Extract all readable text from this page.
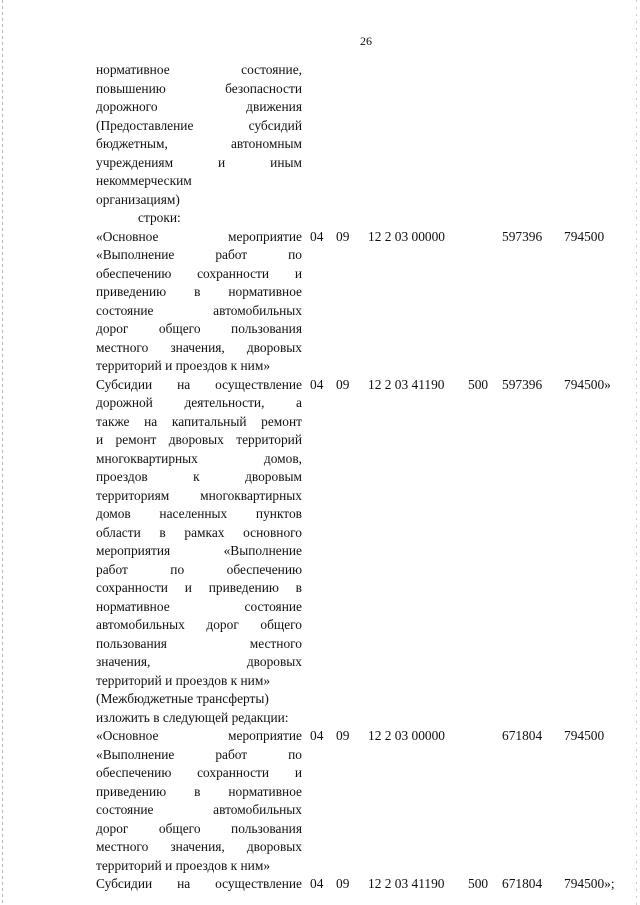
26
нормативное состояние,
повышению безопасности
дорожного движения
(Предоставление субсидий
бюджетным, автономным
учреждениям и иным
некоммерческим
организациям)
строки:
«Основное мероприятие
«Выполнение работ по
обеспечению сохранности и
приведению в нормативное
состояние автомобильных
дорог общего пользования
местного значения, дворовых
территорий и проездов к ним»
04 09 12 2 03 00000	597396 794500
Субсидии на осуществление
дорожной деятельности, а
также на капитальный ремонт
и ремонт дворовых территорий
многоквартирных домов,
проездов к дворовым
территориям многоквартирных
домов населенных пунктов
области в рамках основного
мероприятия «Выполнение
работ по обеспечению
сохранности и приведению в
нормативное состояние
автомобильных дорог общего
пользования местного
значения, дворовых
территорий и проездов к ним»
(Межбюджетные трансферты)
04 09 12 2 03 41190 500 597396 794500»
изложить в следующей редакции:
«Основное мероприятие
«Выполнение работ по
обеспечению сохранности и
приведению в нормативное
состояние автомобильных
дорог общего пользования
местного значения, дворовых
территорий и проездов к ним»
04 09 12 2 03 00000	671804 794500
Субсидии на осуществление 04 09 12 2 03 41190 500 671804 794500»;
